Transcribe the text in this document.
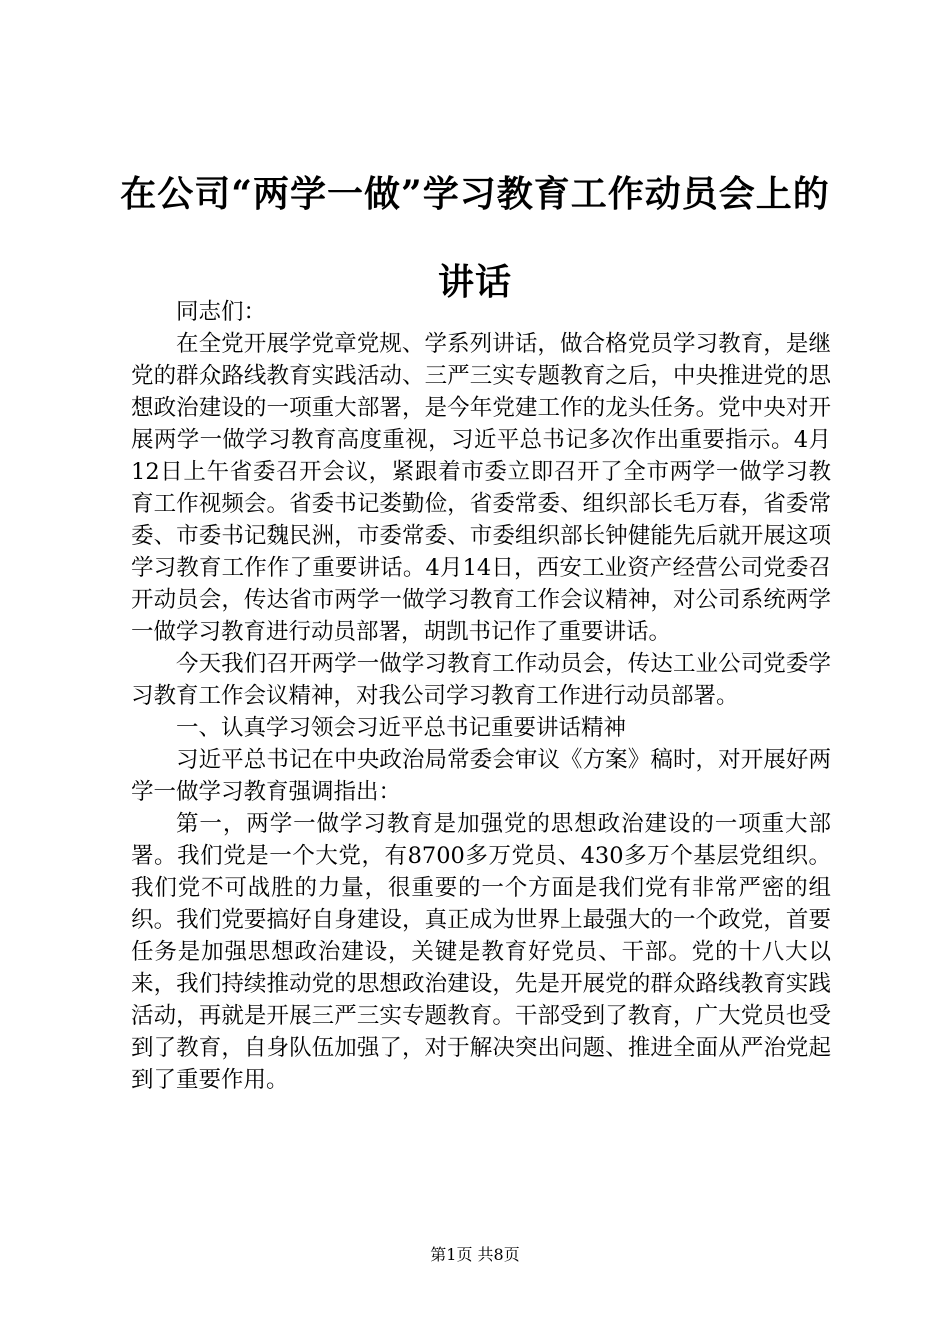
在公司“两学一做”学习教育工作动员会上的讲话

同志们：

在全党开展学党章党规、学系列讲话，做合格党员学习教育，是继党的群众路线教育实践活动、三严三实专题教育之后，中央推进党的思想政治建设的一项重大部署，是今年党建工作的龙头任务。党中央对开展两学一做学习教育高度重视，习近平总书记多次作出重要指示。4月12日上午省委召开会议，紧跟着市委立即召开了全市两学一做学习教育工作视频会。省委书记娄勤俭，省委常委、组织部长毛万春，省委常委、市委书记魏民洲，市委常委、市委组织部长钟健能先后就开展这项学习教育工作作了重要讲话。4月14日，西安工业资产经营公司党委召开动员会，传达省市两学一做学习教育工作会议精神，对公司系统两学一做学习教育进行动员部署，胡凯书记作了重要讲话。

今天我们召开两学一做学习教育工作动员会，传达工业公司党委学习教育工作会议精神，对我公司学习教育工作进行动员部署。

一、认真学习领会习近平总书记重要讲话精神

习近平总书记在中央政治局常委会审议《方案》稿时，对开展好两学一做学习教育强调指出：

第一，两学一做学习教育是加强党的思想政治建设的一项重大部署。我们党是一个大党，有8700多万党员、430多万个基层党组织。我们党不可战胜的力量，很重要的一个方面是我们党有非常严密的组织。我们党要搞好自身建设，真正成为世界上最强大的一个政党，首要任务是加强思想政治建设，关键是教育好党员、干部。党的十八大以来，我们持续推动党的思想政治建设，先是开展党的群众路线教育实践活动，再就是开展三严三实专题教育。干部受到了教育，广大党员也受到了教育，自身队伍加强了，对于解决突出问题、推进全面从严治党起到了重要作用。

第1页 共8页
